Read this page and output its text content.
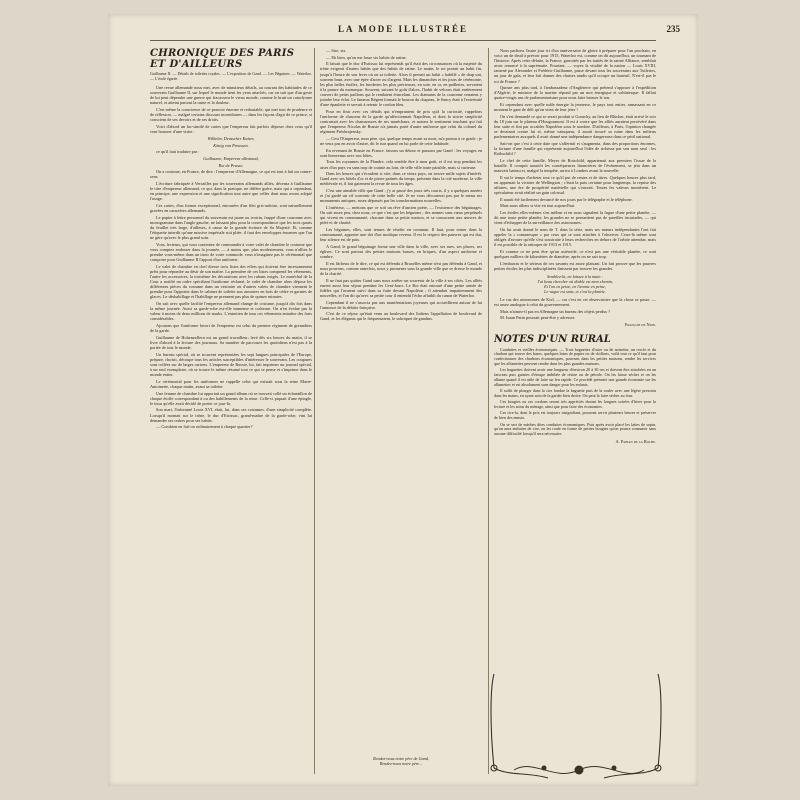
LA MODE ILLUSTRÉE	235
CHRONIQUE DES PARIS ET D'AILLEURS
Guillaume II. — Détails de toilettes royales. — L'exposition de Gand. — Les Béguines. — Waterloo. — L'école égarée.

Une revue allemande nous met, avec de minutieux détails, au courant des habitudes de ce souverain Guillaume II, sur lequel le monde tient les yeux attachés, car on sait que d'un geste de lui peut dépendre une guerre qui fracassera le vieux monde, comme le bruit un cataclysme naturel, et atteint partout la ruine et la douleur.

C'est même la conscience de ce pouvoir énorme et redoutable, qui met tout de prudence et de réflexion, — malgré certains discours incendiaires — dans les façons d'agir de ce prince, si conscient de ses devoirs et de ses droits.

Voici d'abord un fac-similé de cartes que l'empereur fait parfois déposer chez ceux qu'il veut honorer d'une visite :

Wilhelm, Deutscher Kaiser,

König von Preussen.

ce qu'il faut traduire par :

Guillaume, Empereur allemand,

Roi de Prusse.

On a costume, en France, de dire : l'empereur d'Allemagne, ce qui est tout à fait un contre-sens.

L'écriture fabriquée à Versailles par les souverains allemands alliés, décerna à Guillaume le titre d'empereur allemand, ce qui, dans la pratique, ne diffère guère, mais qui a cependant, en principe, une expression et une signification tout autre que celles dont nous avons adopté l'usage.

Ces cartes, d'un format exceptionnel, entourées d'un filet gris-ardoise, sont naturellement gravées en caractères allemands.

Le papier à lettre personnel du souverain est jaune ou ivoirin, frappé d'une couronne avec monogramme dans l'angle gauche, ne laissant plus pour la correspondance que les trois quarts du feuillet très large, d'ailleurs, à cause de la grande écriture de Sa Majesté. Et, comme l'étiquette interdit qu'une missive impériale soit pliée, il faut des enveloppes énormes que l'on ne gère qu'avec le plus grand soin.

Vous, lecteurs, qui vous contentez de commander à votre valet de chambre le costume que vous comptez endosser dans la journée, — à moins que, plus modestement, vous n'alliez le prendre vous-même dans un tiroir de votre commode, vous n'imaginez pas le cérémonial que comporte pour Guillaume II l'apport d'un uniforme.

Le valet de chambre en chef dresse trois listes des effets qui doivent être incessamment prêts pour répondre au désir de son maître. La première de ces listes comprend les vêtements, l'autre les accessoires, la troisième les décorations avec les rubans exigés. Le maréchal de la Cour a notifié un ordre spécifiant l'uniforme réclamé, le valet de chambre alors dépose les différentes pièces du costume dans un vestiaire où d'autres valets de chambre viennent le prendre pour l'apporter dans le cabinet de toilette aux armoires en bois de cèdre et garnies de glaces. Le déshabillage et l'habillage ne prennent pas plus de quinze minutes.

On sait avec quelle facilité l'empereur allemand change de costume, jusqu'à dix fois dans la même journée. Aussi sa garde-robe est-elle immense et coûteuse. On n'en évalue pas la valeur à moins de deux millions de marks. L'entretien de tous ces vêtements entraîne des frais considérables.

Ajoutons que l'uniforme favori de l'empereur est celui du premier régiment de grenadiers de la garde.

Guillaume de Hohenzollern est un grand travailleur; levé dès six heures du matin, il se livre d'abord à la lecture des journaux. Sa manière de parcourir les quotidiens n'est pas à la portée de tout le monde.

Un bureau spécial, où se trouvent représentées les sept langues principales de l'Europe, prépare, choisit, découpe tous les articles susceptibles d'intéresser le souverain. Les coupures sont collées sur de larges cartons. L'empereur de Russie, lui, fait imprimer un journal spécial, à un seul exemplaire, où se trouve le même résumé tout ce qui se pense et s'imprime dans le monde entier.

Le cérémonial pour les uniformes ne rappelle celui qui existait sous la reine Marie-Antoinette, chaque matin, avant sa toilette.

Une femme de chambre lui apportait un grand album où se trouvait collé un échantillon de chaque étoffe correspondant à ou des habillements de la reine. Celle-ci piquait d'une épingle, le tissu qu'elle avait décidé de porter ce jour-là.

Son mari, l'infortuné Louis XVI, était, lui, dans ses costumes, d'une simplicité complète. Lorsqu'il montait sur le trône, le duc d'Estissac, grand-maître de la garde-robe, vint lui demander ses ordres pour ses habits.

— Combien en fait-on ordinairement à chaque quartier?

— Sire, six.

— Eh bien, qu'on me fasse six habits de ratine.

Il faisait que le duc d'Estissac lui représentât qu'il était des circonstances où la majesté du trône exigeait d'autres habits que des habits de ratine. Le matin, le roi portait un habit fin, jusqu'à l'heure de son lever où on sa toilette. Alors il prenait un habit « habillé » de drap uni, souvent brun, avec une épée d'acier ou d'argent. Mais les dimanches et les jours de cérémonie, les plus belles étoffes, les broderies les plus précieuses, en soie, en or, en paillettes, servaient à la parure du monarque. Souvent, suivant le goût d'alors, l'habit de velours était entièrement couvert de petits paillons qui le rendaient étincelant. Les diamants de la couronne venaient y joindre leur éclat. Le fameux Régent formait le bouton du chapeau, le Sancy était à l'extrémité d'une épaulette et servait à retenir le cordon bleu.

Pour en finir avec ces détails qui n'empruntent de prix qu'à la curiosité, rappelons l'uniforme de chasseur de la garde qu'affectionnait Napoléon, et dont la stricte simplicité contrastait avec les chamarrures de ses maréchaux, et notons le sentiment touchant qui fait que l'empereur Nicolas de Russie n'a jamais porté d'autre uniforme que celui du colonel du régiment Préobrajensky.

— Cest l'Empereur, mon père, qui, quelque temps avant sa mort, m'a promu à ce grade ; je ne veux pas en avoir d'autre, dit le tsar quand on lui parle de cette habitude.

En revenant de Russie en France, faisons un détour et passons par Gand : les voyages en sont bienvenus avec nos hôtes.

Tous les royaumes de la Flandre, cela semble être à mon goût, et il est trop pendant les aises d'un pays vu sans trop de crainte au loin, de telle ville toute paisible, mais si curieuse.

Dans les heures qui s'écoulent si vite, dans ce vieux pays, on trouve mille sujets d'intérêt. Gand avec ses hôtels d'or et de pierre patinés du temps, présente dans la cité moderne, la ville médiévale et, il fait gaiement la revue de tous les âges.

C'est une aimable ville que Gand ; j'y ai passé des jours très courts, il y a quelques années et j'ai gardé un vif souvenir de cette belle cité. Je ne vous décourerai pas par le menu ses monuments antiques, assez dépassés par les transformations nouvelles.

L'intérieur, — mettons que ce soit un rêve d'ancien poète, — l'existence des béguinages. On sait assez peu, chez nous, ce que c'est que les béguines ; des nonnes sans vœux perpétuels qui vivent en communauté, chacune dans sa petite maison, et se consacrent aux œuvres de piété et de charité.

Les béguines, elles, sont tenues de résider en commun. Il faut, pour entrer dans la communauté, apporter une dot d'un modique revenu. Il est le respect des pauvres qui est dur, leur silence est de paix.

A Gand, le grand béguinage forme une ville dans la ville, avec ses rues, ses places, ses églises. Ce sont partout des petites maisons basses, en briques, d'un aspect uniforme et sombre.

Il est fâcheux de le dire, ce qui est défendu à Bruxelles même n'est pas défendu à Gand, et nous pouvons, comme autrefois, nous y promener sous la grande ville que se dresse le monde de la charité.

Il ne faut pas quitter Gand sans nous arrêter un souvenir de la ville à ses côtés. Les alliés eurent aussi leur séjour pendant les Cent-Jours. Le Roi était entouré d'une petite armée de fidèles qui l'avaient suivi dans sa fuite devant Napoléon ; il attendait impatiemment des nouvelles, et l'on dit qu'avec sa petite cour il entendit l'écho affaibli du canon de Waterloo.

Cependant il ne s'associa pas aux manifestations joyeuses qui accueillirent autour de lui l'annonce de la défaite française.

C'est de ce séjour qu'était venu au boulevard des Italiens l'appellation de boulevard de Gand, et les élégants qui le fréquentaient, le sobriquet de gandins.

Rendez-nous notre père de Gand,
Rendez-nous notre père...

Nous parlions l'autre jour ici d'un anniversaire de gloire à préparer pour l'an prochain, en voici un de deuil à prévoir pour 1915, Waterloo est, comme on dit aujourd'hui, un tournant de l'histoire. Après cette défaite, la France, garrottée par les traités de la sainte Alliance, semblait avoir renoncé à la suprématie. Pourtant, — voyez la vitalité de la nation — Louis XVIII, ramené par Alexandre et Frédéric-Guillaume, passe devant tous les souverains aux Tuileries, un jour de gala, et leur fait donner des chaises tandis qu'il occupe un fauteuil. N'est-il pas le roi de France ?

Quinze ans plus tard, à l'ambassadeur d'Angleterre qui prétend s'opposer à l'expédition d'Algérie, le ministre de la marine répond par un mot énergique et soldatesque. Il fallait quatre-vingts ans de parlementarisme pour nous faire baisser le ton.

Et cependant avec quelle mâle énergie la jeunesse, le pays tout entier, ramassant en ce moment le gant de défi qu'on vient de leur jeter !

On s'est demandé ce qui se serait produit si Grouchy, au lieu de Blücher, était arrivé le soir du 18 juin sur le plateau d'Hougoumont. Il est à croire que les alliés auraient persévéré dans leur suite et fini par accabler Napoléon sous le nombre. D'ailleurs, à Paris, l'opinion changée se dessinait contre lui et, même vainqueur, il aurait trouvé sa ruine dans les milieux parlementaires auxquels il avait donné une indépendance dangereuse dans ce péril national.

Sait-on que c'est à cette date que s'affermit et s'augmenta, dans des proportions énormes, la fortune d'une famille qui représente aujourd'hui l'idée de richesse par son nom seul : les Rothschild ?

Le chef de cette famille, Meyer de Rotschild, appartenait aux premiers l'issue de la bataille. Il comprit aussitôt les conséquences financières de l'événement, se jeta dans un mauvais bateau et, malgré la tempête, arriva à Londres avant la nouvelle.

Il sut le temps d'acheter tout ce qu'il put de rentes et de titres. Quelques heures plus tard, on apprenait la victoire de Wellington ; c'était la paix certaine pour longtemps, la reprise des affaires, une ère de prospérité matérielle qui s'ouvrait. Toutes les valeurs montèrent. Le spéculateur avait réalisé un gain colossal.

Il aurait été facilement devancé de nos jours par le télégraphe et le téléphone.

Mais nous allons si vite en tout aujourd'hui.

Les étoiles elles-mêmes s'en mêlent et en nous signalent la fugue d'une petite planète, — dit une toute petite planète, les grandes ne se permettent pas de pareilles incartades, — qui vient d'échapper de la surveillance des astronomes.

On lui avait donné le nom de T. dans la série, mais ses mœurs indépendantes l'ont fait appeler la « romanesque » par ceux qui se sont attachés à l'observer. Ceux-là même sont obligés d'avouer qu'elle s'est soustraite à leurs recherches en dehors de l'orbite attendue, mais il est possible de la rattraper de 1913 et 1915.

Et comme ce ne peut être qu'un astéroïde, ce n'est pas une véritable planète, ce sont quelques milliers de kilomètres de diamètre, après on ne sait trop.

L'embarras et le sérieux de ces savants est assez plaisant. Un fait prouve que les pauvres petites étoiles les plus indisciplinées finissent par trouver les grandes.

Semblez-la, ne laissez à la main :
J'ai beau chercher où diable est mon chemin,
Et l'on en peine, en l'atome en peine,
Le vague est sans, et c'est la planète.

Le cas des astronomes de Kiel, — car c'est en cet observatoire que la chose se passe, — est assez analogue à celui du gouvernement.

Mais n'aimez-il pas en Allemagne un bureau des objets perdus ?

M. Isaan Patin pourrait peut-être y adresser.
François de Nion.
NOTES D'UN RURAL

Conduites et vieilles économiques. — Trois baguettes d'osier ou de noisetier, un cercle et du charbon qui trouve des bases, quelques brins de papier ou de chiffons, voilà tout ce qu'il faut pour confectionner des charbons économiques, pouvant, dans les petites maisons, rendre les services que les allumettes peuvent rendre dans les plus grandes maisons.

Les baguettes doivent avoir une longueur d'environ 20 à 30 cm et doivent être attachées en un faisceau puis garnies d'étoupe imbibée de résine ou de pétrole. On les laisse sécher et on les allume quand il est utile de faire un feu rapide. Ce procédé présente une grande économie sur les allumettes et est absolument sans danger pour les enfants.

Il suffit de plonger dans la cire fondue la baguette puis de la rouler avec une légère pression dans les mains, en ayant soin de la garder bien droite. On peut la faire sécher au four.

Ces bougies ou ces cordons seront très appréciés durant les longues soirées d'hiver pour la lecture et les soins du ménage, ainsi que pour faire des économies.

Ces cire-la, dont le prix est toujours insignifiant, pourront servir plusieurs heures et préserver de bien des ennuis.

On se sert de mèches dites conduites économiques. Puis après avoir placé les lattes de sapin, qu'on aura enduites de cire, on les roule en forme de petites bougies qu'on pourra consumer sans aucune difficulté lorsqu'il sera nécessaire.

A. Pabian de la Roche.
